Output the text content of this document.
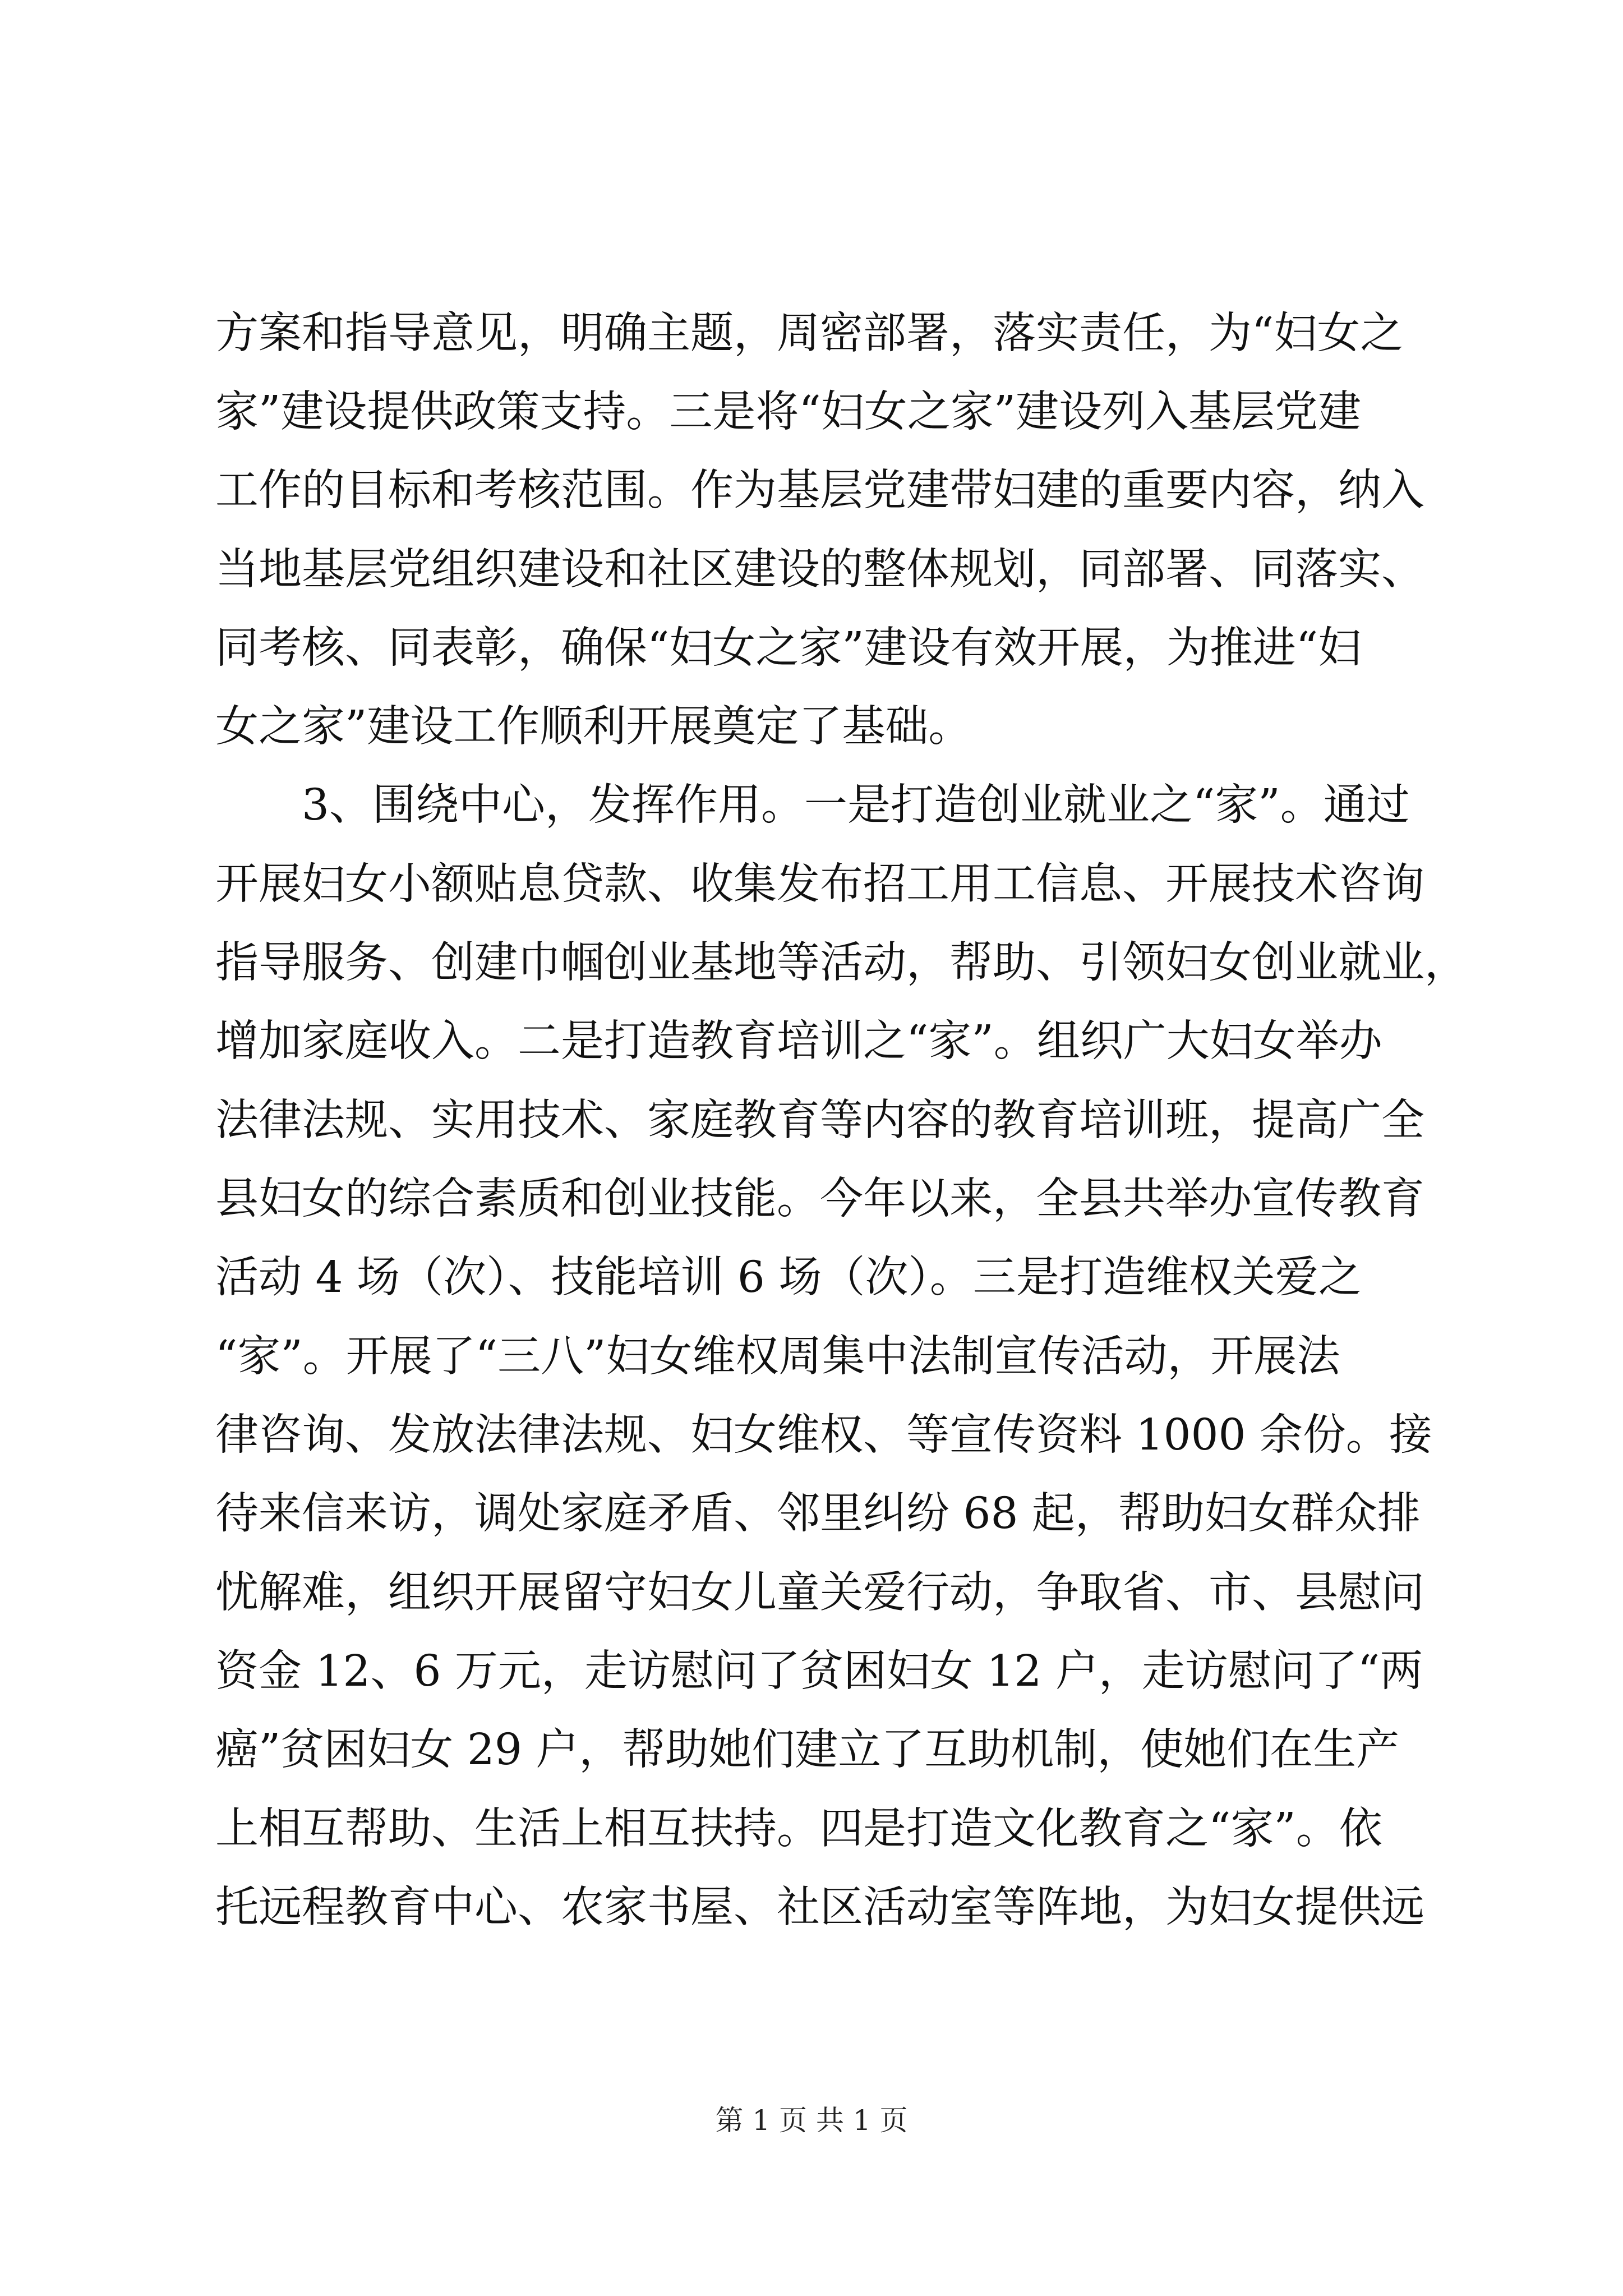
方案和指导意见，明确主题，周密部署，落实责任，为“妇女之
家”建设提供政策支持。三是将“妇女之家”建设列入基层党建
工作的目标和考核范围。作为基层党建带妇建的重要内容，纳入
当地基层党组织建设和社区建设的整体规划，同部署、同落实、
同考核、同表彰，确保“妇女之家”建设有效开展，为推进“妇
女之家”建设工作顺利开展奠定了基础。
　　3、围绕中心，发挥作用。一是打造创业就业之“家”。通过
开展妇女小额贴息贷款、收集发布招工用工信息、开展技术咨询
指导服务、创建巾帼创业基地等活动，帮助、引领妇女创业就业，
增加家庭收入。二是打造教育培训之“家”。组织广大妇女举办
法律法规、实用技术、家庭教育等内容的教育培训班，提高广全
县妇女的综合素质和创业技能。今年以来，全县共举办宣传教育
活动 4 场（次）、技能培训 6 场（次）。三是打造维权关爱之
“家”。开展了“三八”妇女维权周集中法制宣传活动，开展法
律咨询、发放法律法规、妇女维权、等宣传资料 1000 余份。接
待来信来访，调处家庭矛盾、邻里纠纷 68 起，帮助妇女群众排
忧解难，组织开展留守妇女儿童关爱行动，争取省、市、县慰问
资金 12、6 万元，走访慰问了贫困妇女 12 户，走访慰问了“两
癌”贫困妇女 29 户，帮助她们建立了互助机制，使她们在生产
上相互帮助、生活上相互扶持。四是打造文化教育之“家”。依
托远程教育中心、农家书屋、社区活动室等阵地，为妇女提供远
第 1 页 共 1 页
